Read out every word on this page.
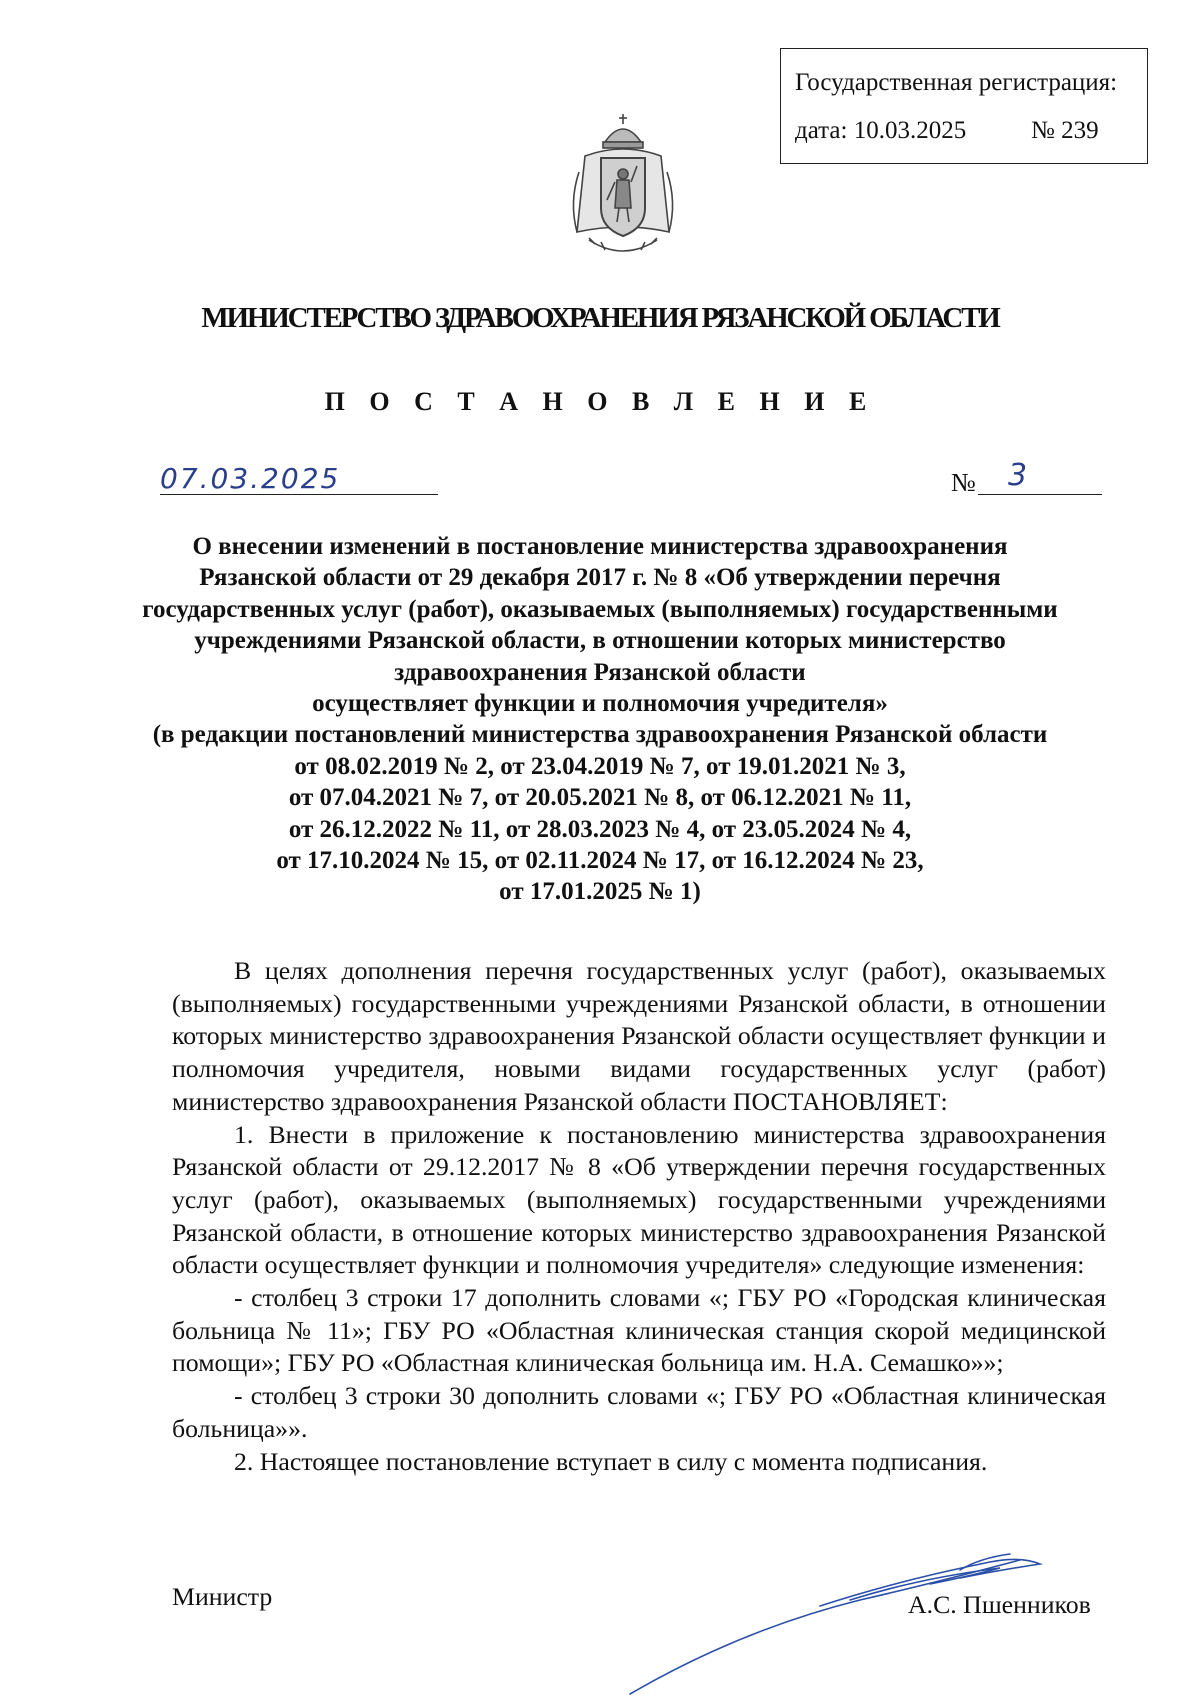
Государственная регистрация:
дата: 10.03.2025	№ 239
МИНИСТЕРСТВО ЗДРАВООХРАНЕНИЯ РЯЗАНСКОЙ ОБЛАСТИ
П О С Т А Н О В Л Е Н И Е
07.03.2025	№ 3
О внесении изменений в постановление министерства здравоохранения
Рязанской области от 29 декабря 2017 г. № 8 «Об утверждении перечня
государственных услуг (работ), оказываемых (выполняемых) государственными
учреждениями Рязанской области, в отношении которых министерство
здравоохранения Рязанской области
осуществляет функции и полномочия учредителя»
(в редакции постановлений министерства здравоохранения Рязанской области
от 08.02.2019 № 2, от 23.04.2019 № 7, от 19.01.2021 № 3,
от 07.04.2021 № 7, от 20.05.2021 № 8, от 06.12.2021 № 11,
от 26.12.2022 № 11, от 28.03.2023 № 4, от 23.05.2024 № 4,
от 17.10.2024 № 15, от 02.11.2024 № 17, от 16.12.2024 № 23,
от 17.01.2025 № 1)

В целях дополнения перечня государственных услуг (работ), оказываемых (выполняемых) государственными учреждениями Рязанской области, в отношении которых министерство здравоохранения Рязанской области осуществляет функции и полномочия учредителя, новыми видами государственных услуг (работ) министерство здравоохранения Рязанской области ПОСТАНОВЛЯЕТ:

1. Внести в приложение к постановлению министерства здравоохранения Рязанской области от 29.12.2017 № 8 «Об утверждении перечня государственных услуг (работ), оказываемых (выполняемых) государственными учреждениями Рязанской области, в отношение которых министерство здравоохранения Рязанской области осуществляет функции и полномочия учредителя» следующие изменения:

- столбец 3 строки 17 дополнить словами «; ГБУ РО «Городская клиническая больница № 11»; ГБУ РО «Областная клиническая станция скорой медицинской помощи»; ГБУ РО «Областная клиническая больница им. Н.А. Семашко»»;

- столбец 3 строки 30 дополнить словами «; ГБУ РО «Областная клиническая больница»».

2. Настоящее постановление вступает в силу с момента подписания.

Министр	А.С. Пшенников
